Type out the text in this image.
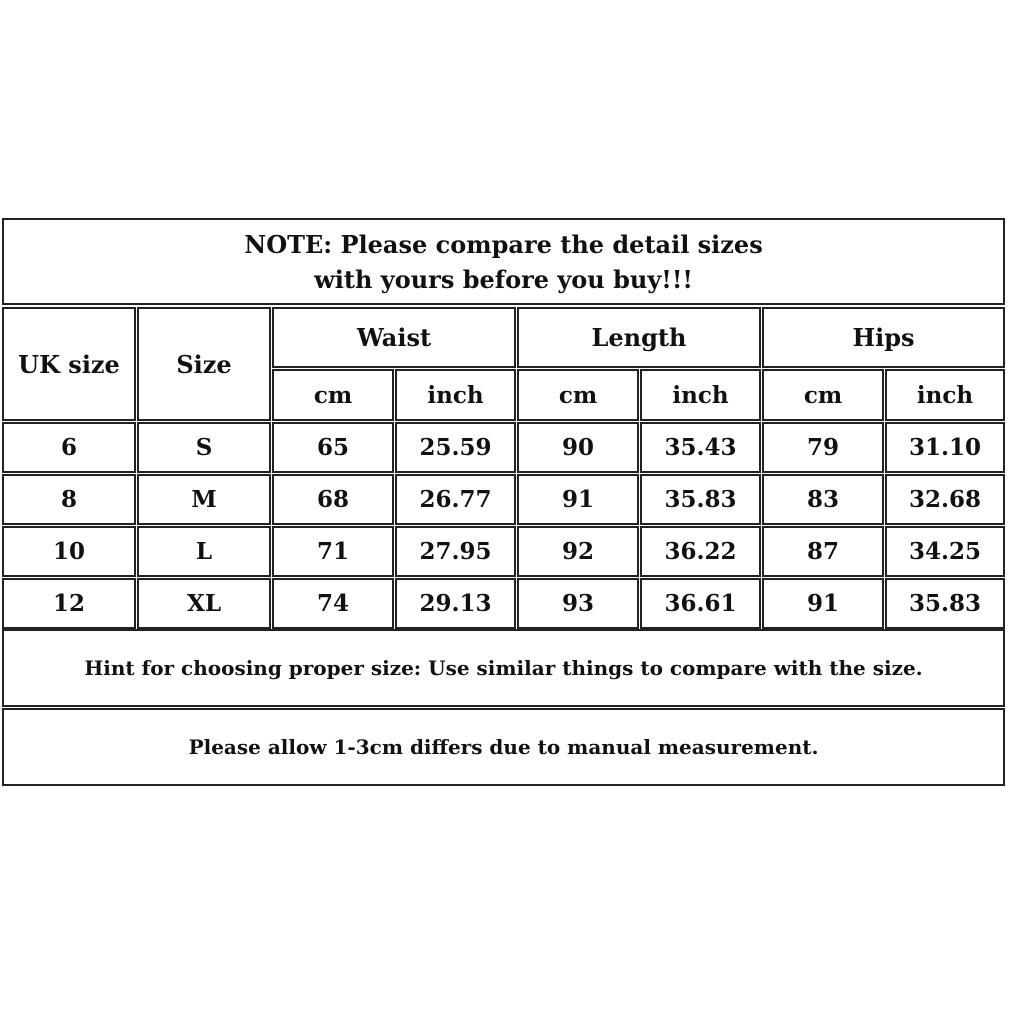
NOTE: Please compare the detail sizes
with yours before you buy!!!
UK size	Size
Waist	Length	Hips
cm	inch	cm	inch	cm	inch
6	S	65	25.59	90	35.43	79	31.10
8	M	68	26.77	91	35.83	83	32.68
10	L	71	27.95	92	36.22	87	34.25
12	XL	74	29.13	93	36.61	91	35.83
Hint for choosing proper size: Use similar things to compare with the size.
Please allow 1-3cm differs due to manual measurement.
